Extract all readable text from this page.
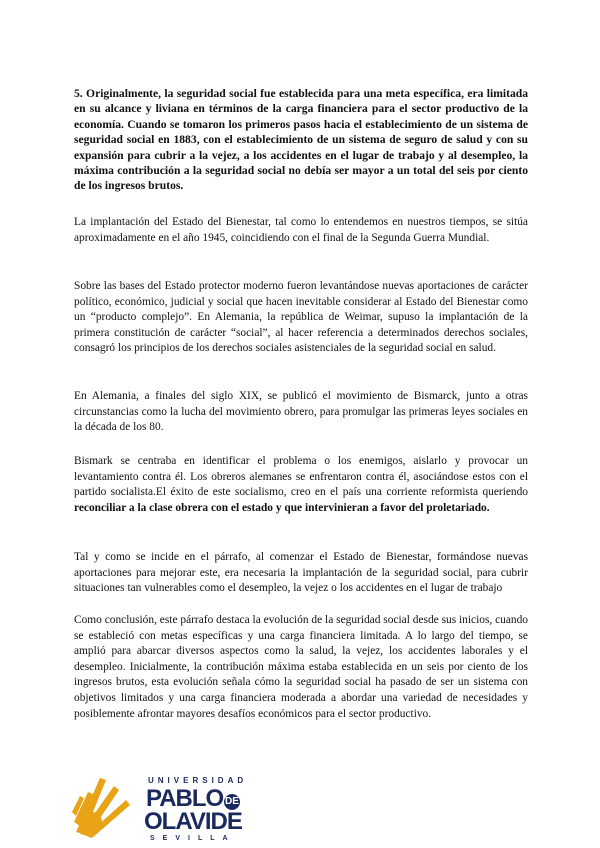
5. Originalmente, la seguridad social fue establecida para una meta específica, era limitada en su alcance y liviana en términos de la carga financiera para el sector productivo de la economía. Cuando se tomaron los primeros pasos hacia el establecimiento de un sistema de seguridad social en 1883, con el establecimiento de un sistema de seguro de salud y con su expansión para cubrir a la vejez, a los accidentes en el lugar de trabajo y al desempleo, la máxima contribución a la seguridad social no debía ser mayor a un total del seis por ciento de los ingresos brutos.
La implantación del Estado del Bienestar, tal como lo entendemos en nuestros tiempos, se sitúa aproximadamente en el año 1945, coincidiendo con el final de la Segunda Guerra Mundial.
Sobre las bases del Estado protector moderno fueron levantándose nuevas aportaciones de carácter político, económico, judicial y social que hacen inevitable considerar al Estado del Bienestar como un “producto complejo”. En Alemania, la república de Weimar, supuso la implantación de la primera constitución de carácter “social”, al hacer referencia a determinados derechos sociales, consagró los principios de los derechos sociales asistenciales de la seguridad social en salud.
En Alemania, a finales del siglo XIX, se publicó el movimiento de Bismarck, junto a otras circunstancias como la lucha del movimiento obrero, para promulgar las primeras leyes sociales en la década de los 80.
Bismark se centraba en identificar el problema o los enemigos, aislarlo y provocar un levantamiento contra él. Los obreros alemanes se enfrentaron contra él, asociándose estos con el partido socialista.El éxito de este socialismo, creo en el país una corriente reformista queriendo reconciliar a la clase obrera con el estado y que intervinieran a favor del proletariado.
Tal y como se incide en el párrafo, al comenzar el Estado de Bienestar, formándose nuevas aportaciones para mejorar este, era necesaria la implantación de la seguridad social, para cubrir situaciones tan vulnerables como el desempleo, la vejez o los accidentes en el lugar de trabajo
Como conclusión, este párrafo destaca la evolución de la seguridad social desde sus inicios, cuando se estableció con metas específicas y una carga financiera limitada. A lo largo del tiempo, se amplió para abarcar diversos aspectos como la salud, la vejez, los accidentes laborales y el desempleo. Inicialmente, la contribución máxima estaba establecida en un seis por ciento de los ingresos brutos, esta evolución señala cómo la seguridad social ha pasado de ser un sistema con objetivos limitados y una carga financiera moderada a abordar una variedad de necesidades y posiblemente afrontar mayores desafíos económicos para el sector productivo.
UNIVERSIDAD
PABLO DE
OLAVIDE
SEVILLA
